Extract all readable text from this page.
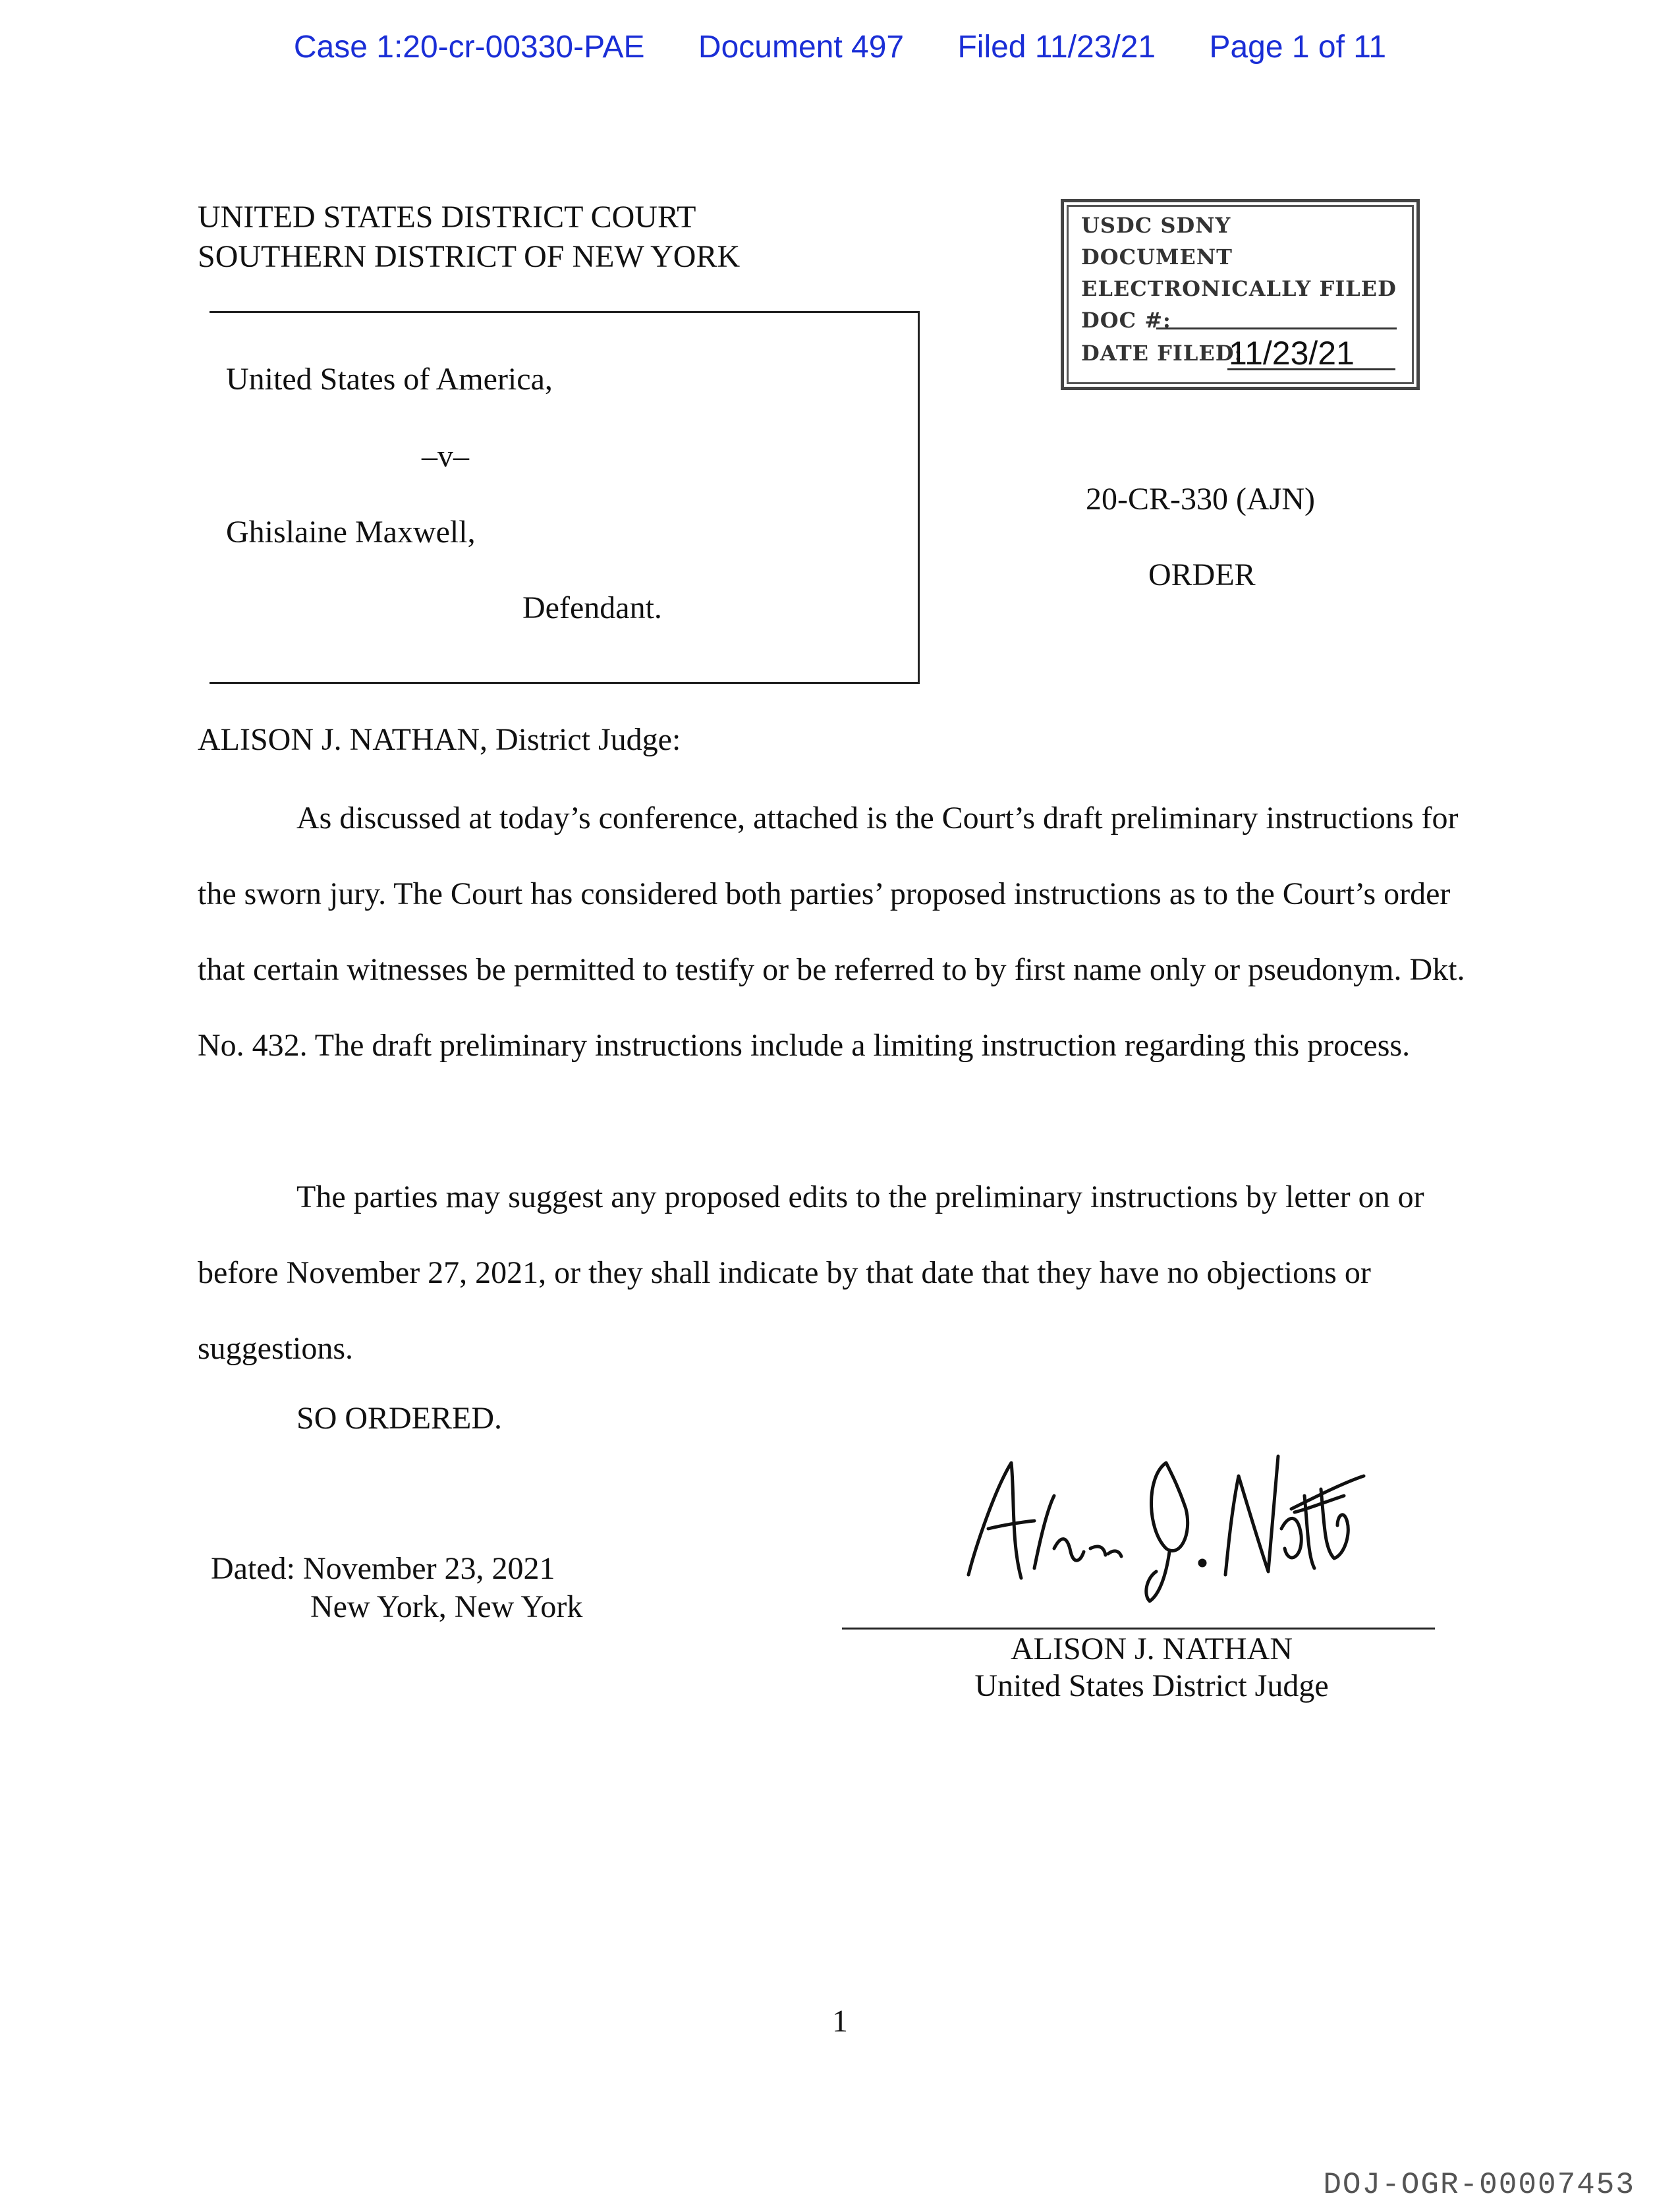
Case 1:20-cr-00330-PAE Document 497 Filed 11/23/21 Page 1 of 11
UNITED STATES DISTRICT COURT
SOUTHERN DISTRICT OF NEW YORK
United States of America,
–v–
Ghislaine Maxwell,
Defendant.
USDC SDNY
DOCUMENT
ELECTRONICALLY FILED
DOC #:
DATE FILED:
11/23/21
20-CR-330 (AJN)
ORDER
ALISON J. NATHAN, District Judge:

As discussed at today’s conference, attached is the Court’s draft preliminary instructions for the sworn jury. The Court has considered both parties’ proposed instructions as to the Court’s order that certain witnesses be permitted to testify or be referred to by first name only or pseudonym. Dkt. No. 432. The draft preliminary instructions include a limiting instruction regarding this process.

The parties may suggest any proposed edits to the preliminary instructions by letter on or before November 27, 2021, or they shall indicate by that date that they have no objections or suggestions.

SO ORDERED.
Dated: November 23, 2021
New York, New York
ALISON J. NATHAN
United States District Judge
1
DOJ-OGR-00007453
